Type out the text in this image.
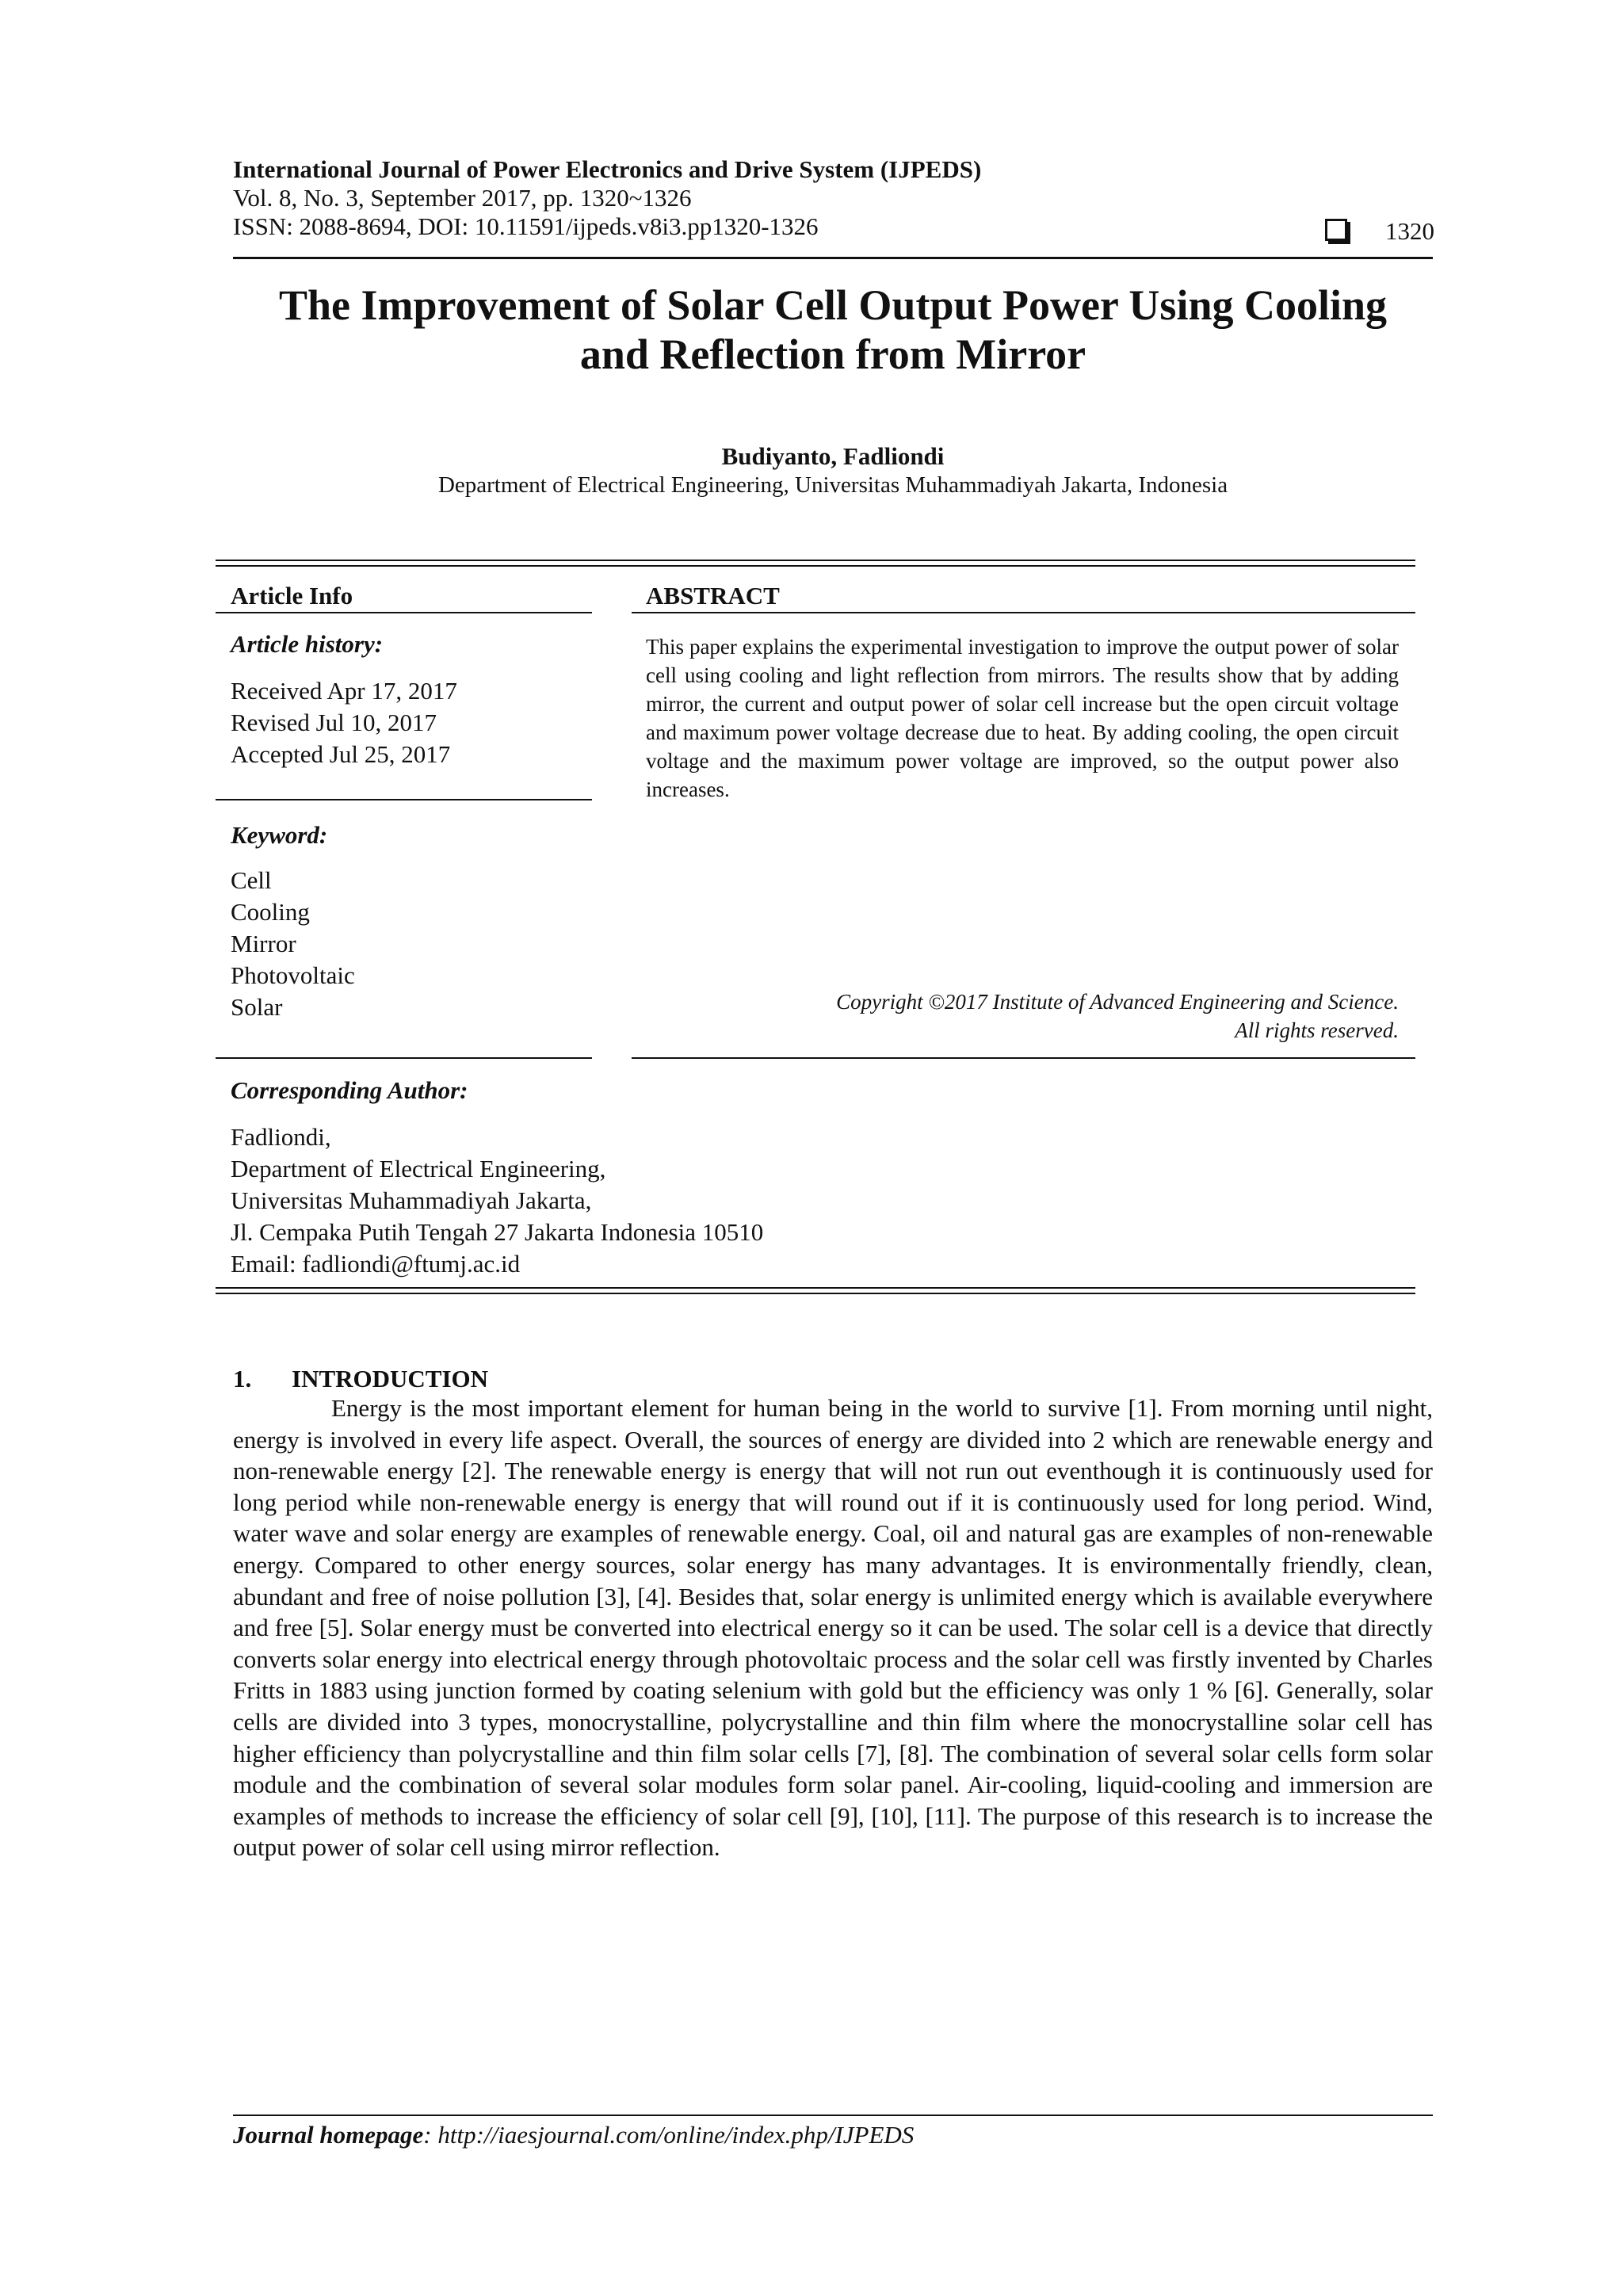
International Journal of Power Electronics and Drive System (IJPEDS)
Vol. 8, No. 3, September 2017, pp. 1320~1326
ISSN: 2088-8694, DOI: 10.11591/ijpeds.v8i3.pp1320-1326	1320
The Improvement of Solar Cell Output Power Using Cooling
and Reflection from Mirror
Budiyanto, Fadliondi
Department of Electrical Engineering, Universitas Muhammadiyah Jakarta, Indonesia
Article Info
Article history:
Received Apr 17, 2017
Revised Jul 10, 2017
Accepted Jul 25, 2017
Keyword:
Cell
Cooling
Mirror
Photovoltaic
Solar
ABSTRACT
This paper explains the experimental investigation to improve the output power of solar cell using cooling and light reflection from mirrors. The results show that by adding mirror, the current and output power of solar cell increase but the open circuit voltage and maximum power voltage decrease due to heat. By adding cooling, the open circuit voltage and the maximum power voltage are improved, so the output power also increases.
Copyright ©2017 Institute of Advanced Engineering and Science.
All rights reserved.
Corresponding Author:
Fadliondi,
Department of Electrical Engineering,
Universitas Muhammadiyah Jakarta,
Jl. Cempaka Putih Tengah 27 Jakarta Indonesia 10510
Email: fadliondi@ftumj.ac.id
1. INTRODUCTION
Energy is the most important element for human being in the world to survive [1]. From morning until night, energy is involved in every life aspect. Overall, the sources of energy are divided into 2 which are renewable energy and non-renewable energy [2]. The renewable energy is energy that will not run out eventhough it is continuously used for long period while non-renewable energy is energy that will round out if it is continuously used for long period. Wind, water wave and solar energy are examples of renewable energy. Coal, oil and natural gas are examples of non-renewable energy. Compared to other energy sources, solar energy has many advantages. It is environmentally friendly, clean, abundant and free of noise pollution [3], [4]. Besides that, solar energy is unlimited energy which is available everywhere and free [5]. Solar energy must be converted into electrical energy so it can be used. The solar cell is a device that directly converts solar energy into electrical energy through photovoltaic process and the solar cell was firstly invented by Charles Fritts in 1883 using junction formed by coating selenium with gold but the efficiency was only 1 % [6]. Generally, solar cells are divided into 3 types, monocrystalline, polycrystalline and thin film where the monocrystalline solar cell has higher efficiency than polycrystalline and thin film solar cells [7], [8]. The combination of several solar cells form solar module and the combination of several solar modules form solar panel. Air-cooling, liquid-cooling and immersion are examples of methods to increase the efficiency of solar cell [9], [10], [11]. The purpose of this research is to increase the output power of solar cell using mirror reflection.
Journal homepage: http://iaesjournal.com/online/index.php/IJPEDS
